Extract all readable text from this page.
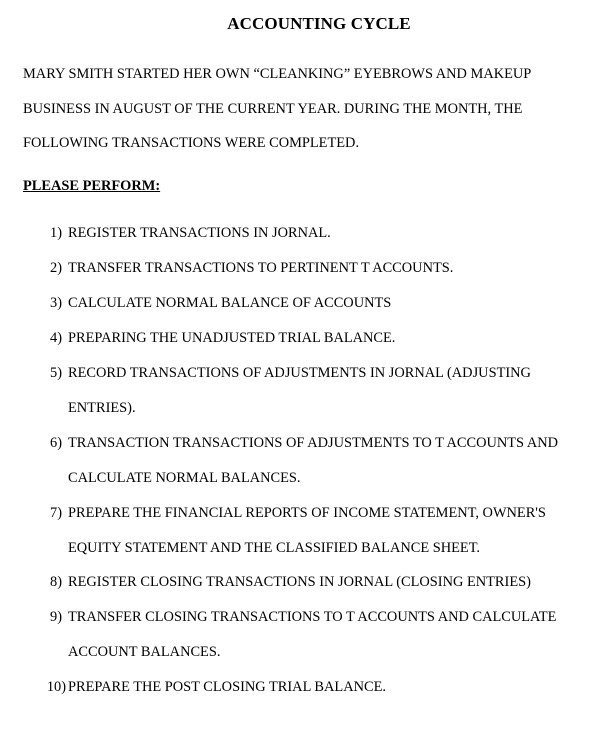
ACCOUNTING CYCLE
MARY SMITH STARTED HER OWN “CLEANKING” EYEBROWS AND MAKEUP
BUSINESS IN AUGUST OF THE CURRENT YEAR. DURING THE MONTH, THE
FOLLOWING TRANSACTIONS WERE COMPLETED.
PLEASE PERFORM:
1) REGISTER TRANSACTIONS IN JORNAL.
2) TRANSFER TRANSACTIONS TO PERTINENT T ACCOUNTS.
3) CALCULATE NORMAL BALANCE OF ACCOUNTS
4) PREPARING THE UNADJUSTED TRIAL BALANCE.
5) RECORD TRANSACTIONS OF ADJUSTMENTS IN JORNAL (ADJUSTING
ENTRIES).
6) TRANSACTION TRANSACTIONS OF ADJUSTMENTS TO T ACCOUNTS AND
CALCULATE NORMAL BALANCES.
7) PREPARE THE FINANCIAL REPORTS OF INCOME STATEMENT, OWNER'S
EQUITY STATEMENT AND THE CLASSIFIED BALANCE SHEET.
8) REGISTER CLOSING TRANSACTIONS IN JORNAL (CLOSING ENTRIES)
9) TRANSFER CLOSING TRANSACTIONS TO T ACCOUNTS AND CALCULATE
ACCOUNT BALANCES.
10) PREPARE THE POST CLOSING TRIAL BALANCE.
